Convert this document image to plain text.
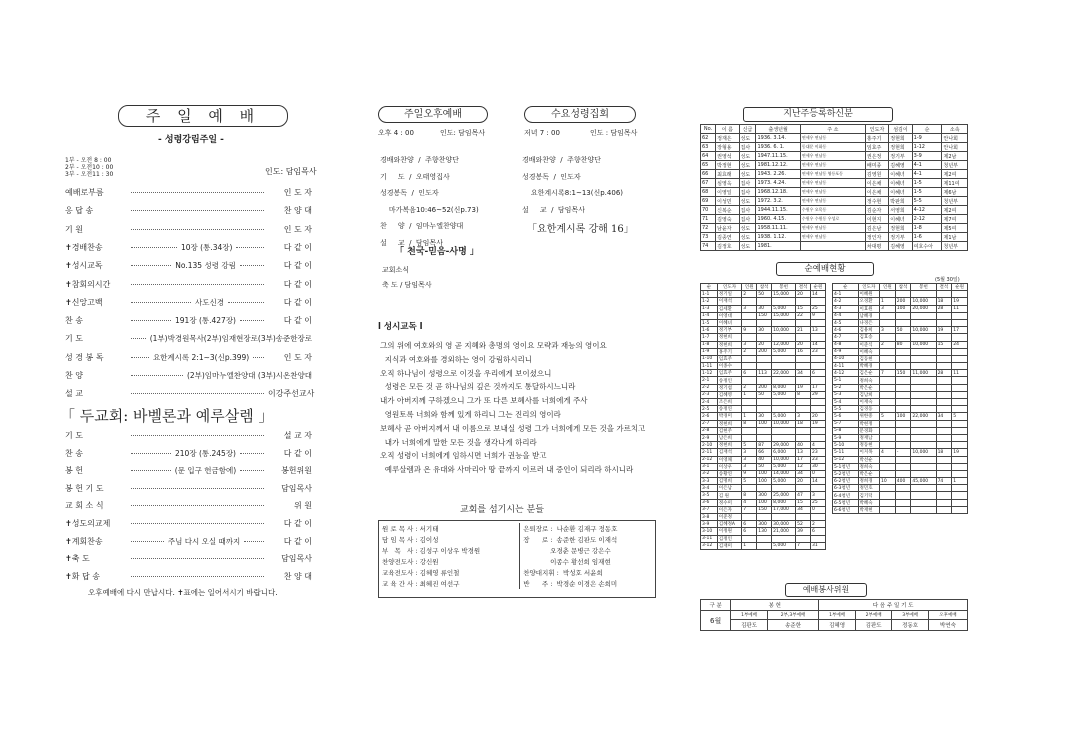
주 일 예 배
- 성령강림주일 -
1부 - 오전 8 : 00
2부 - 오전10 : 00
3부 - 오전11 : 30	인도: 담임목사
예배로부름	인 도 자
응 답 송	찬 양 대
기 원	인 도 자
✝경배찬송	10장 (통.34장)	다 같 이
✝성시교독	No.135 성령 강림	다 같 이
✝참회의시간	다 같 이
✝신앙고백	사도신경	다 같 이
찬 송	191장 (통.427장)	다 같 이
기 도	(1부)박경원목사(2부)임재현장로(3부)송준한장로
성 경 봉 독	요한계시록 2:1~3(신p.399)	인 도 자
찬 양	(2부)임마누엘찬양대 (3부)시온찬양대
설 교	이강주선교사
「 두교회: 바벨론과 예루살렘 」
기 도	설 교 자
찬 송	210장 (통.245장)	다 같 이
봉 헌	(문 입구 헌금함에)	봉헌위원
봉 헌 기 도	담임목사
교 회 소 식	위 원
✝성도의교제	다 같 이
✝계회찬송	주님 다시 오실 때까지	다 같 이
✝축 도	담임목사
✝화 답 송	찬 양 대
오후예배에 다시 만납시다. ✝표에는 일어서시기 바랍니다.
주일오후예배
오후 4 : 00	인도: 담임목사
경배와찬양  /  주향찬양단
기     도  /  오태영집사
성경봉독  /  인도자
마가복음10:46~52(신p.73)
찬     양  /  임마누엘찬양대
설     교  /  담임목사
「 천국-믿음-사명 」
교회소식
축 도 / 담임목사
수요성령집회
저녁 7 : 00	인도 : 담임목사
경배와찬양  /  주향찬양단
성경봉독  /  인도자
요한계시록8:1~13(신p.406)
설     교  /  담임목사
「요한계시록 강해 16」
l 성시교독 l
그의 위에 여호와의 영 곧 지혜와 총명의 영이요 모략과 재능의 영이요
지식과 여호와를 경외하는 영이 강림하시리니
오직 하나님이 성령으로 이것을 우리에게 보이셨으니
성령은 모든 것 곧 하나님의 깊은 것까지도 통달하시느니라
내가 아버지께 구하겠으니 그가 또 다른 보혜사를 너희에게 주사
영원토록 너희와 함께 있게 하리니 그는 진리의 영이라
보혜사 곧 아버지께서 내 이름으로 보내실 성령 그가 너희에게 모든 것을 가르치고
내가 너희에게 말한 모든 것을 생각나게 하리라
오직 성령이 너희에게 임하시면 너희가 권능을 받고
예루살렘과 온 유대와 사마리아 땅 끝까지 이르러 내 증인이 되리라 하시니라
교회를 섬기시는 분들
원 로 목 사 : 서기태	은퇴장로 :  나순환 김재구 정동호
담 임 목 사 : 김이성	장      로 :  송준한 김판도 이재석
부   목   사 : 김성구 이상우 박경원	오경춘 문병근 강은수
찬양전도사 : 강신원	이종수 황선희 임재현
교육전도사 : 김혜영 류인철	찬양대지휘 :  박성호 서윤희
교 육 간 사 : 최혜진 여선구	반      주 :  박경순 이경은 손희미
지난주등록하신분
No.	이 름	신급	출생년월	주 소	인도자	섬김이	순	소속
62	정재은	성도	1936. 3.14.	연세우 연남동	홍주기	정현희	1-9	안나회
63	장형용	집사	1936. 6. 1.	동대문 이화동	임효주	정현희	1-12	안나회
64	권영석	성도	1947.11.15.	연세우 연남동	권은정	정기부	3-9	제2남
65	박정현	성도	1981.12.12.	연세우 연남동	배미종	김혜영	4-1	청년부
66	최효래	성도	1943. 2.26.	연세우 연남동 영등포동	김영원	이혜녀	4-1	제2여
67	심영옥	집사	1973. 4.24.	연세우 연남동	이은채	이혜녀	1-5	제11여
68	이영일	집사	1968.12.18.	연세우 연남동	이은채	이혜녀	1-5	제6남
69	이성민	성도	1972. 3.2.	연세우 연남동	정수현	박판희	5-5	청년부
70	신복순	집사	1944.11.15.	수원우 오목동	김순자	서영희	4-12	제2여
71	김영숙	집사	1960. 4.15.	수원우 수원동 우성로	이현지	이혜녀	2-12	제7여
72	남윤자	성도	1958.11.11.	연세우 연남동	김은남	정현희	1-8	제5여
73	김종연	성도	1938. 1.12.	연세우 연남동	정인자	정기부	1-6	제1남
74	김정호	성도	1981.		차대평	김혜영	여호수아	청년부
순예배현황
(5월 30일)
순	인도자	인원	참석	봉헌	결석	순원
1-1	정기일	2	50	15,000	20	14
1-2	이재석					
1-3	김세환	3	30	5,000	15	25
1-4	이영대		150	15,000	22	9
1-5	이혜녀					
1-6	정기부	9	30	10,000	21	13
1-7	정현희					
1-8	정현희	3	20	12,000	20	14
1-9	홍주기	2	200	5,000	16	23
1-10	임효주					
1-11	이종수					
1-12	임효주	6	113	22,000	34	6
2-1	송정인					
2-2	정기섭	2	200	8,000	19	17
2-3	김혜영	1	50	5,000	8	29
2-4	조은희					
2-5	송정연					
2-6	박경미	1	30	5,000	3	20
2-7	정현희	8	100	10,000	18	19
2-8	김현주					
2-9	남은희					
2-10	정현희	5	87	29,000	40	4
2-11	김재석	3	66	6,000	13	23
2-12	이영채	3	40	10,000	17	23
3-1	이상우	3	50	5,000	12	30
3-2	송황연	9	100	14,000	34	0
3-3	김명희	5	100	5,000	20	14
3-4	이은남					
3-5	김 원	8	300	25,000	47	3
3-6	정수미	4	100	8,000	15	25
3-7	이은자	7	150	17,000	34	0
3-8	이준정					
3-9	김혜정A	6	300	30,000	52	2
3-10	이정원	6	130	21,000	39	6
3-11	김정인					
3-12	김재미	1		5,000	7	31
순	인도자	인원	참석	봉헌	결석	순원
4-1	이혜원					
4-2	오경환	1	200	10,000	18	19
4-3	이효원	3	100	20,000	28	11
4-4	남혜경					
4-5	나경은					
4-6	김용희	3	50	10,000	19	17
4-7	김효송					
4-8	이준식	2	80	10,000	15	24
4-9	이혜숙					
4-10	김동현					
4-11	박혜경					
4-12	김은순	7	150	11,000	28	11
5-1	정희숙					
5-2	박은순					
5-3	김남희					
5-4	이재숙					
5-5	김경동					
5-6	위한중	5	100	22,000	34	5
5-7	박현정					
5-8	문경화					
5-9	정재남					
5-10	정동현					
5-11	이지목	4	-	10,000	18	19
5-12	박선순					
5-1청년	정희숙					
5-2청년	박은순					
6-2청년	정희경	10	400	45,000	74	1
6-3청년	정민호					
6-4청년	김기덕					
6-5청년	박혜숙					
6-6청년	박재현					
예배봉사위원
구 분	봉 헌		다 음 주 일 기 도			
6월	1부예배	2부,3부예배	1부예배	2부예배	3부예배	오후예배
	김판도	송준한	김혜영	김판도	정동호	박연숙
